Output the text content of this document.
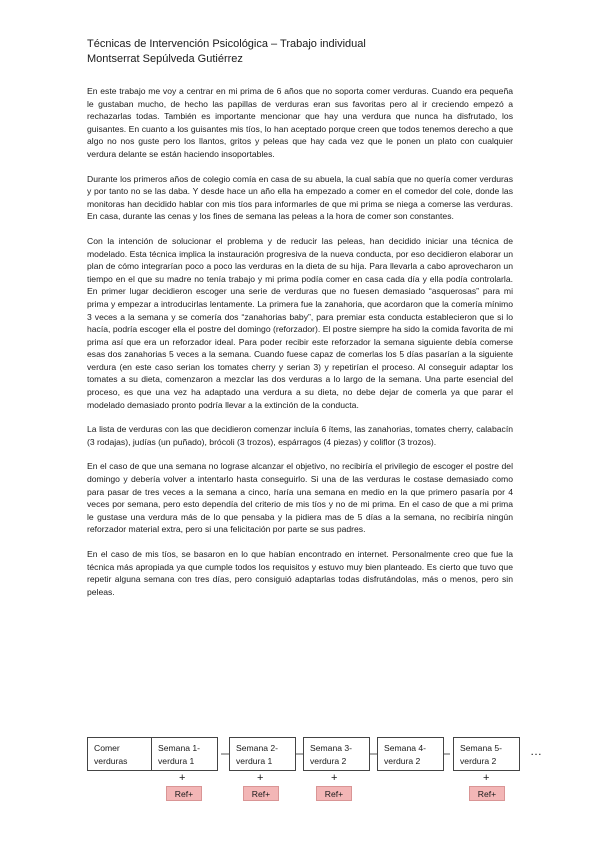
Técnicas de Intervención Psicológica – Trabajo individual
Montserrat Sepúlveda Gutiérrez

En este trabajo me voy a centrar en mi prima de 6 años que no soporta comer verduras. Cuando era pequeña le gustaban mucho, de hecho las papillas de verduras eran sus favoritas pero al ir creciendo empezó a rechazarlas todas. También es importante mencionar que hay una verdura que nunca ha disfrutado, los guisantes. En cuanto a los guisantes mis tíos, lo han aceptado porque creen que todos tenemos derecho a que algo no nos guste pero los llantos, gritos y peleas que hay cada vez que le ponen un plato con cualquier verdura delante se están haciendo insoportables.

Durante los primeros años de colegio comía en casa de su abuela, la cual sabía que no quería comer verduras y por tanto no se las daba. Y desde hace un año ella ha empezado a comer en el comedor del cole, donde las monitoras han decidido hablar con mis tíos para informarles de que mi prima se niega a comerse las verduras. En casa, durante las cenas y los fines de semana las peleas a la hora de comer son constantes.

Con la intención de solucionar el problema y de reducir las peleas, han decidido iniciar una técnica de modelado. Esta técnica implica la instauración progresiva de la nueva conducta, por eso decidieron elaborar un plan de cómo integrarían poco a poco las verduras en la dieta de su hija. Para llevarla a cabo aprovecharon un tiempo en el que su madre no tenía trabajo y mi prima podía comer en casa cada día y ella podía controlarla. En primer lugar decidieron escoger una serie de verduras que no fuesen demasiado “asquerosas” para mi prima y empezar a introducirlas lentamente. La primera fue la zanahoria, que acordaron que la comería mínimo 3 veces a la semana y se comería dos “zanahorias baby”, para premiar esta conducta establecieron que si lo hacía, podría escoger ella el postre del domingo (reforzador). El postre siempre ha sido la comida favorita de mi prima así que era un reforzador ideal. Para poder recibir este reforzador la semana siguiente debía comerse esas dos zanahorias 5 veces a la semana. Cuando fuese capaz de comerlas los 5 días pasarían a la siguiente verdura (en este caso serian los tomates cherry y serian 3) y repetirían el proceso. Al conseguir adaptar los tomates a su dieta, comenzaron a mezclar las dos verduras a lo largo de la semana. Una parte esencial del proceso, es que una vez ha adaptado una verdura a su dieta, no debe dejar de comerla ya que parar el modelado demasiado pronto podría llevar a la extinción de la conducta.

La lista de verduras con las que decidieron comenzar incluía 6 ítems, las zanahorias, tomates cherry, calabacín (3 rodajas), judías (un puñado), brócoli (3 trozos), espárragos (4 piezas) y coliflor (3 trozos).

En el caso de que una semana no lograse alcanzar el objetivo, no recibiría el privilegio de escoger el postre del domingo y debería volver a intentarlo hasta conseguirlo. Si una de las verduras le costase demasiado como para pasar de tres veces a la semana a cinco, haría una semana en medio en la que primero pasaría por 4 veces por semana, pero esto dependía del criterio de mis tíos y no de mi prima. En el caso de que a mi prima le gustase una verdura más de lo que pensaba y la pidiera mas de 5 días a la semana, no recibiría ningún reforzador material extra, pero si una felicitación por parte se sus padres.

En el caso de mis tíos, se basaron en lo que habían encontrado en internet. Personalmente creo que fue la técnica más apropiada ya que cumple todos los requisitos y estuvo muy bien planteado. Es cierto que tuvo que repetir alguna semana con tres días, pero consiguió adaptarlas todas disfrutándolas, más o menos, pero sin peleas.

Comer
verduras
Semana 1-
verdura 1
Semana 2-
verdura 1
Semana 3-
verdura 2
Semana 4-
verdura 2
Semana 5-
verdura 2
…
+	+	+	+
Ref+	Ref+	Ref+	Ref+
